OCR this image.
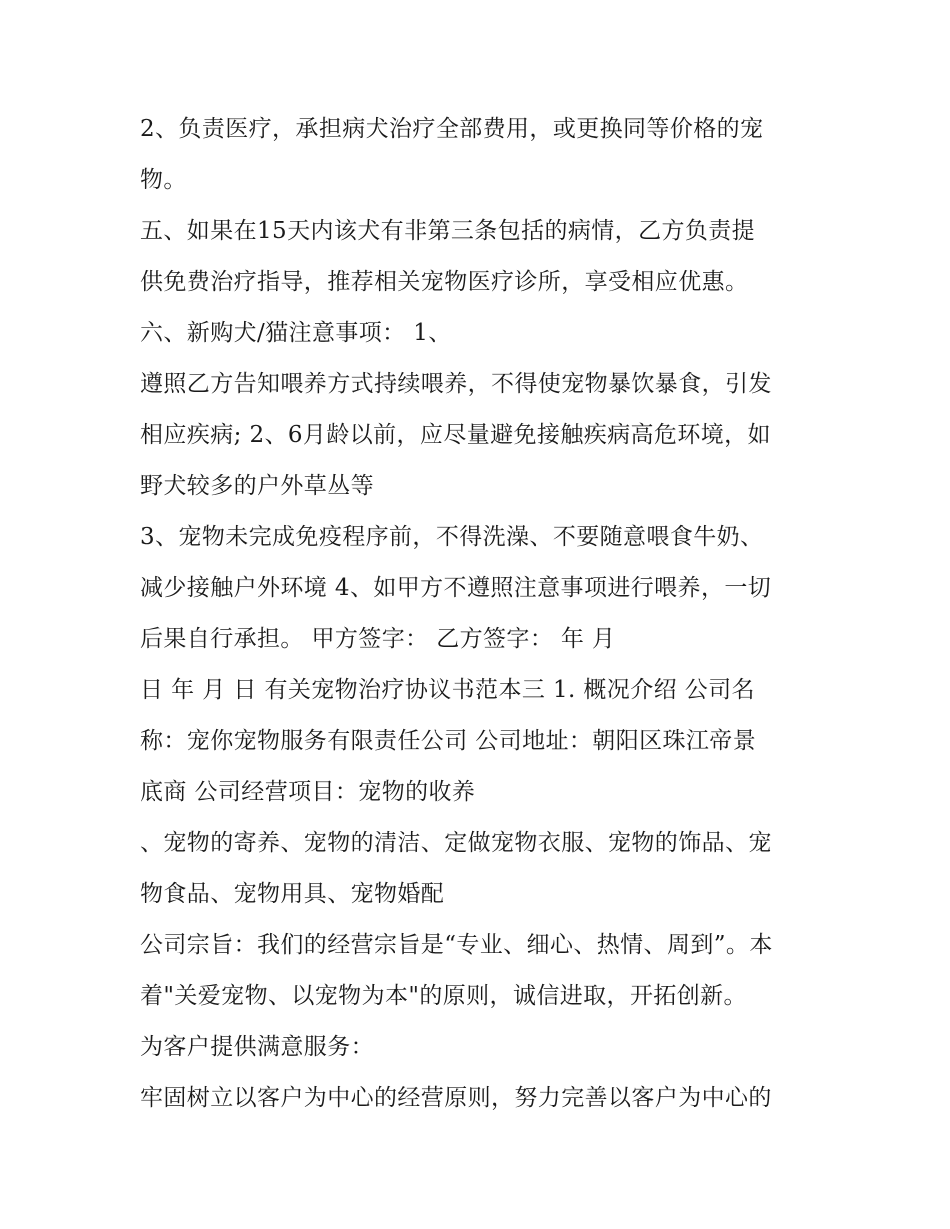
2、负责医疗，承担病犬治疗全部费用，或更换同等价格的宠
物。
五、如果在15天内该犬有非第三条包括的病情，乙方负责提
供免费治疗指导，推荐相关宠物医疗诊所，享受相应优惠。
六、新购犬/猫注意事项： 1、
遵照乙方告知喂养方式持续喂养，不得使宠物暴饮暴食，引发
相应疾病; 2、6月龄以前，应尽量避免接触疾病高危环境，如
野犬较多的户外草丛等
3、宠物未完成免疫程序前，不得洗澡、不要随意喂食牛奶、
减少接触户外环境 4、如甲方不遵照注意事项进行喂养，一切
后果自行承担。 甲方签字： 乙方签字： 年 月
日 年 月 日 有关宠物治疗协议书范本三 1. 概况介绍 公司名
称：宠你宠物服务有限责任公司 公司地址：朝阳区珠江帝景
底商 公司经营项目：宠物的收养
、宠物的寄养、宠物的清洁、定做宠物衣服、宠物的饰品、宠
物食品、宠物用具、宠物婚配
公司宗旨：我们的经营宗旨是“专业、细心、热情、周到”。本
着"关爱宠物、以宠物为本"的原则，诚信进取，开拓创新。
为客户提供满意服务：
牢固树立以客户为中心的经营原则，努力完善以客户为中心的
